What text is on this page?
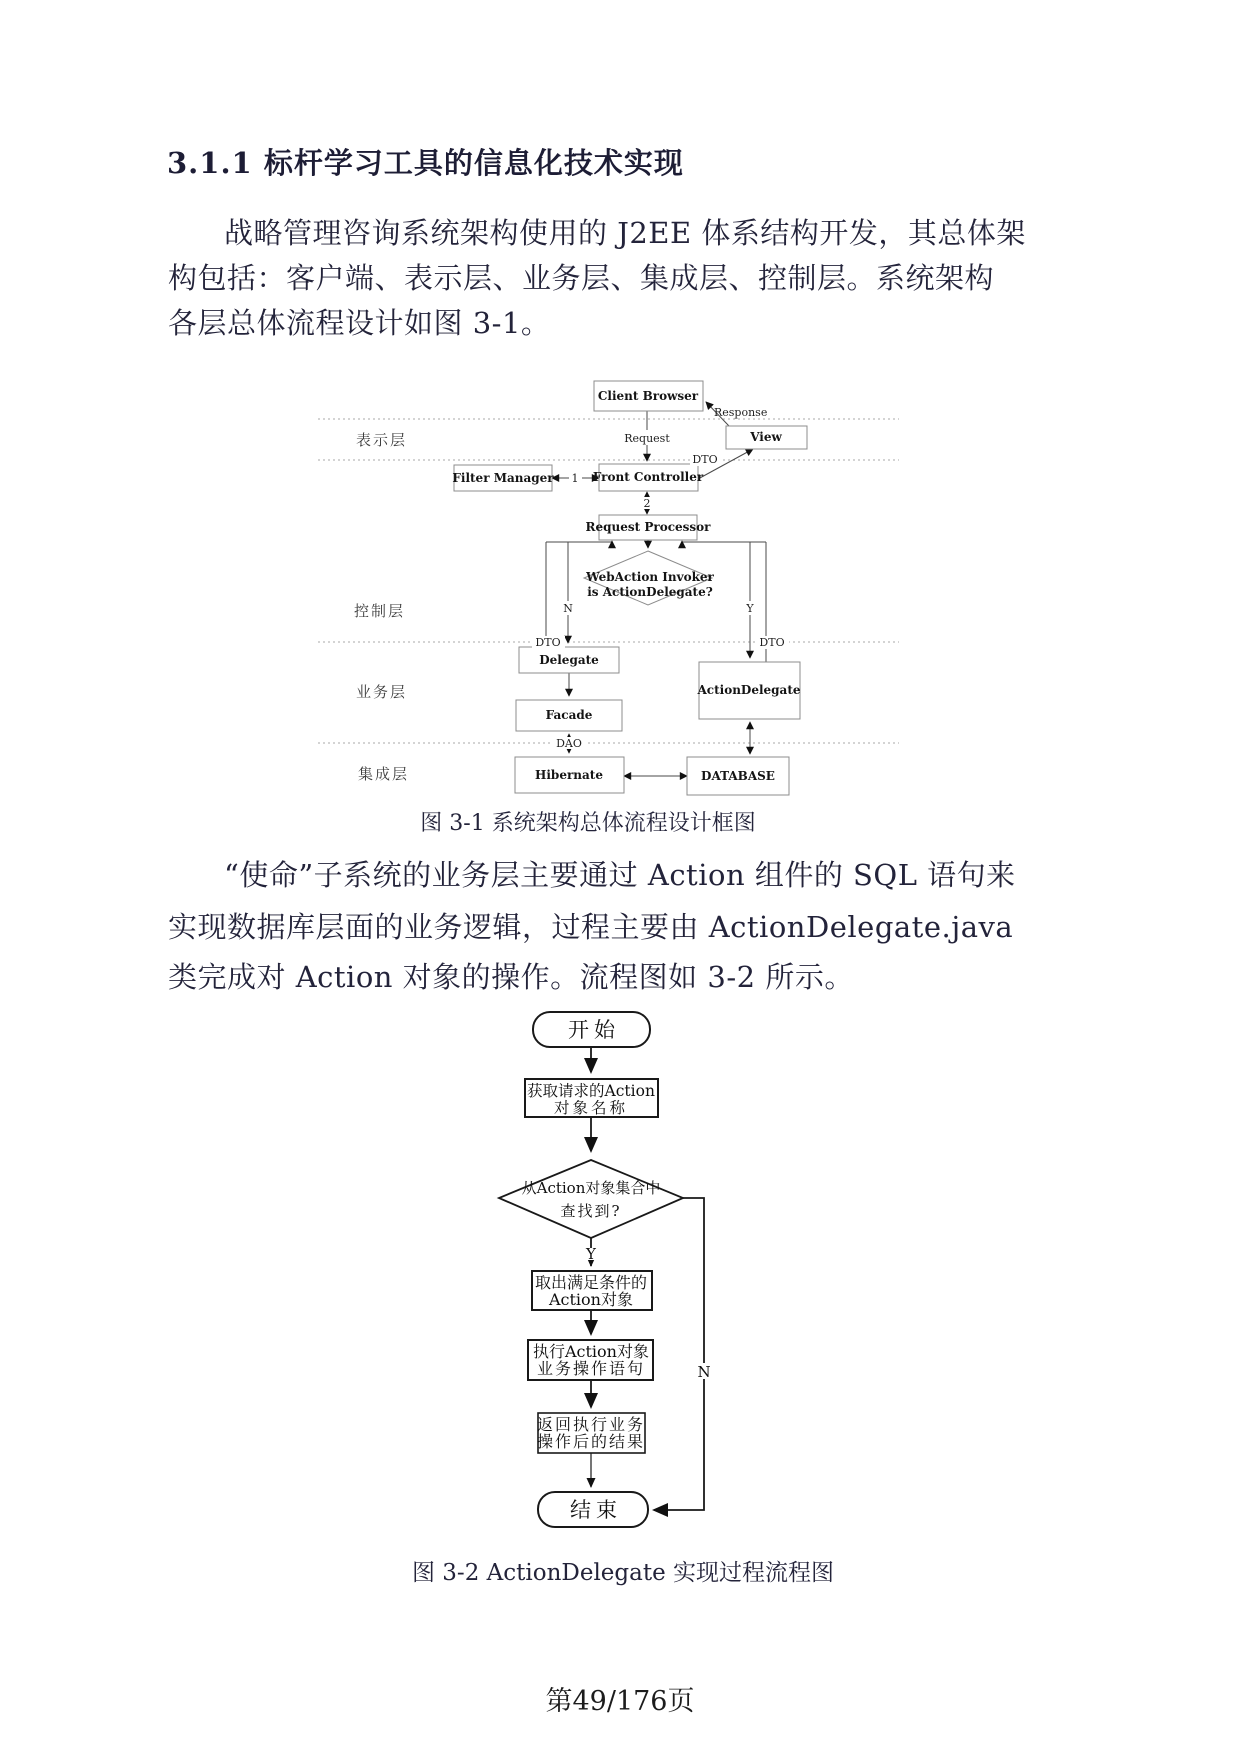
3.1.1 标杆学习工具的信息化技术实现
战略管理咨询系统架构使用的 J2EE 体系结构开发，其总体架
构包括：客户端、表示层、业务层、集成层、控制层。系统架构
各层总体流程设计如图 3-1。
表示层
控制层
业务层
集成层
Client Browser
View
Filter Manager	Front Controller
Request Processor
WebAction Invoker
is ActionDelegate?
Delegate
ActionDelegate
Facade
Hibernate	DATABASE
Request
Response
DTO
1
2
N	Y
DTO	DTO
DAO
图 3-1 系统架构总体流程设计框图
“使命”子系统的业务层主要通过 Action 组件的 SQL 语句来
实现数据库层面的业务逻辑，过程主要由 ActionDelegate.java
类完成对 Action 对象的操作。流程图如 3-2 所示。
开始
获取请求的Action
对象名称
从Action对象集合中
查找到?
取出满足条件的
Action对象
执行Action对象
业务操作语句
返回执行业务
操作后的结果
结束
Y
N
图 3-2 ActionDelegate 实现过程流程图
第49/176页
